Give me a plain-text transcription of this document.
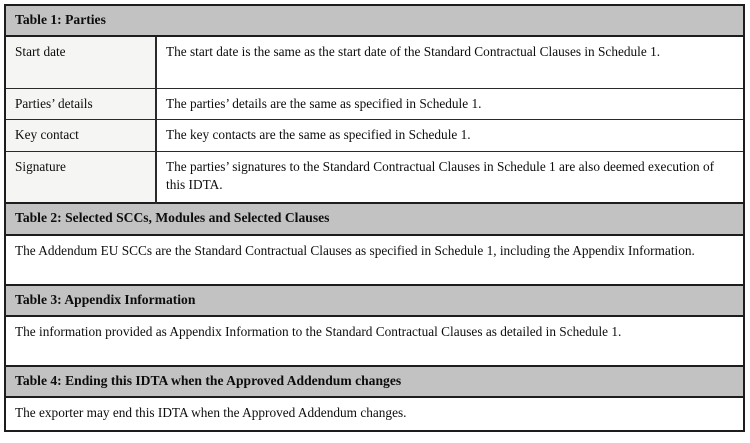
Table 1: Parties	
Start date	The start date is the same as the start date of the Standard Contractual Clauses in Schedule 1.
Parties’ details	The parties’ details are the same as specified in Schedule 1.
Key contact	The key contacts are the same as specified in Schedule 1.
Signature	The parties’ signatures to the Standard Contractual Clauses in Schedule 1 are also deemed execution of this IDTA.
Table 2: Selected SCCs, Modules and Selected Clauses	
The Addendum EU SCCs are the Standard Contractual Clauses as specified in Schedule 1, including the Appendix Information.	
Table 3: Appendix Information	
The information provided as Appendix Information to the Standard Contractual Clauses as detailed in Schedule 1.	
Table 4: Ending this IDTA when the Approved Addendum changes	
The exporter may end this IDTA when the Approved Addendum changes.	
